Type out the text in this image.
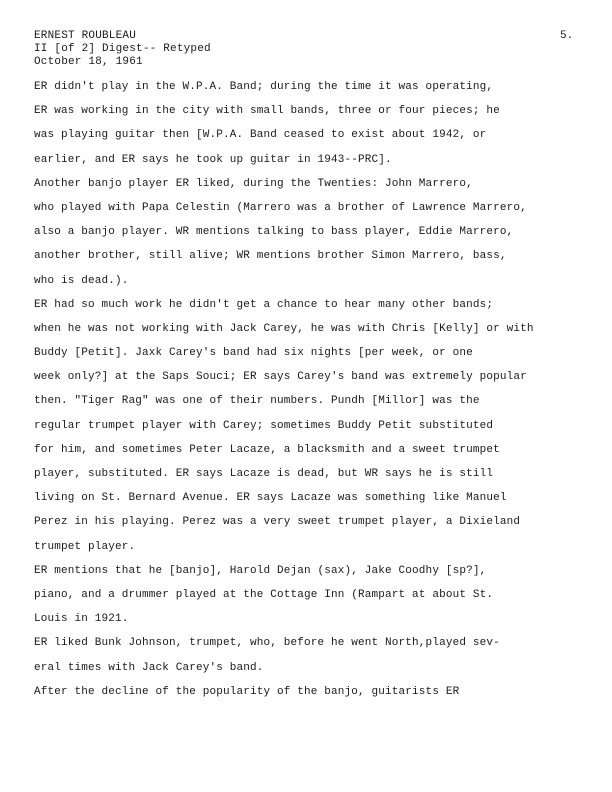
ERNEST ROUBLEAU
II [of 2] Digest-- Retyped
October 18, 1961
5.
ER didn't play in the W.P.A. Band; during the time it was operating,
ER was working in the city with small bands, three or four pieces; he
was playing guitar then [W.P.A. Band ceased to exist about 1942, or
earlier, and ER says he took up guitar in 1943--PRC].
Another banjo player ER liked, during the Twenties: John Marrero,
who played with Papa Celestin (Marrero was a brother of Lawrence Marrero,
also a banjo player. WR mentions talking to bass player, Eddie Marrero,
another brother, still alive; WR mentions brother Simon Marrero, bass,
who is dead.).
ER had so much work he didn't get a chance to hear many other bands;
when he was not working with Jack Carey, he was with Chris [Kelly] or with
Buddy [Petit]. Jaxk Carey's band had six nights [per week, or one
week only?] at the Saps Souci; ER says Carey's band was extremely popular
then. "Tiger Rag" was one of their numbers. Pundh [Millor] was the
regular trumpet player with Carey; sometimes Buddy Petit substituted
for him, and sometimes Peter Lacaze, a blacksmith and a sweet trumpet
player, substituted. ER says Lacaze is dead, but WR says he is still
living on St. Bernard Avenue. ER says Lacaze was something like Manuel
Perez in his playing. Perez was a very sweet trumpet player, a Dixieland
trumpet player.
ER mentions that he [banjo], Harold Dejan (sax), Jake Coodhy [sp?],
piano, and a drummer played at the Cottage Inn (Rampart at about St.
Louis in 1921.
ER liked Bunk Johnson, trumpet, who, before he went North,played sev-
eral times with Jack Carey's band.
After the decline of the popularity of the banjo, guitarists ER
